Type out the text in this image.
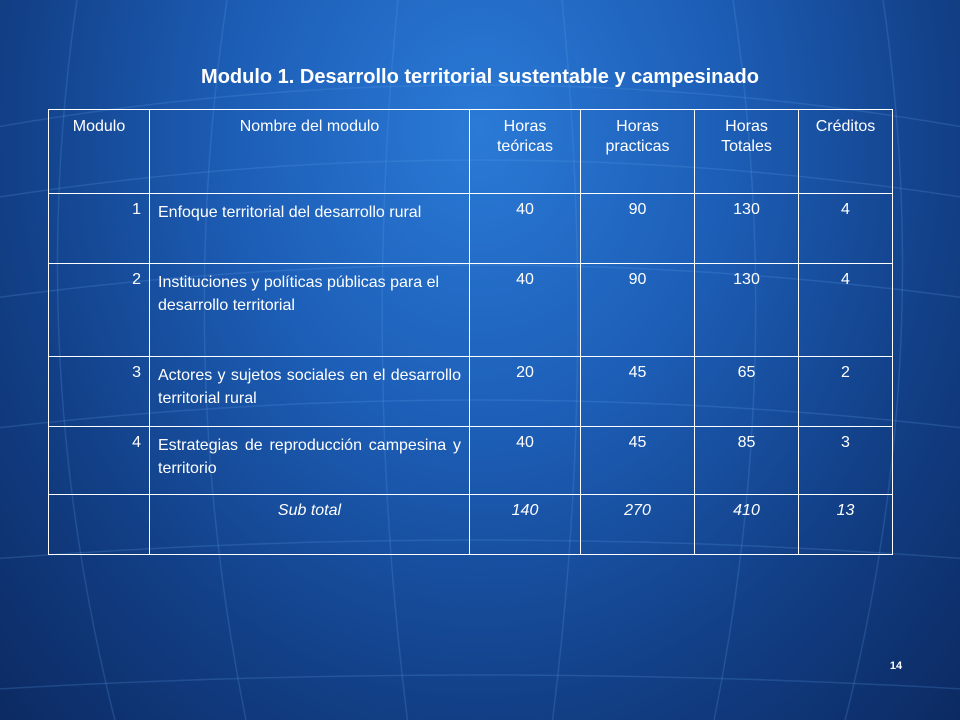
Modulo 1. Desarrollo territorial sustentable y campesinado
Modulo	Nombre del modulo	Horas teóricas	Horas practicas	Horas Totales	Créditos
1	Enfoque territorial del desarrollo rural	40	90	130	4
2	Instituciones y políticas públicas para el desarrollo territorial	40	90	130	4
3	Actores y sujetos sociales en el desarrollo territorial rural	20	45	65	2
4	Estrategias de reproducción campesina y territorio	40	45	85	3
	Sub total	140	270	410	13
14
